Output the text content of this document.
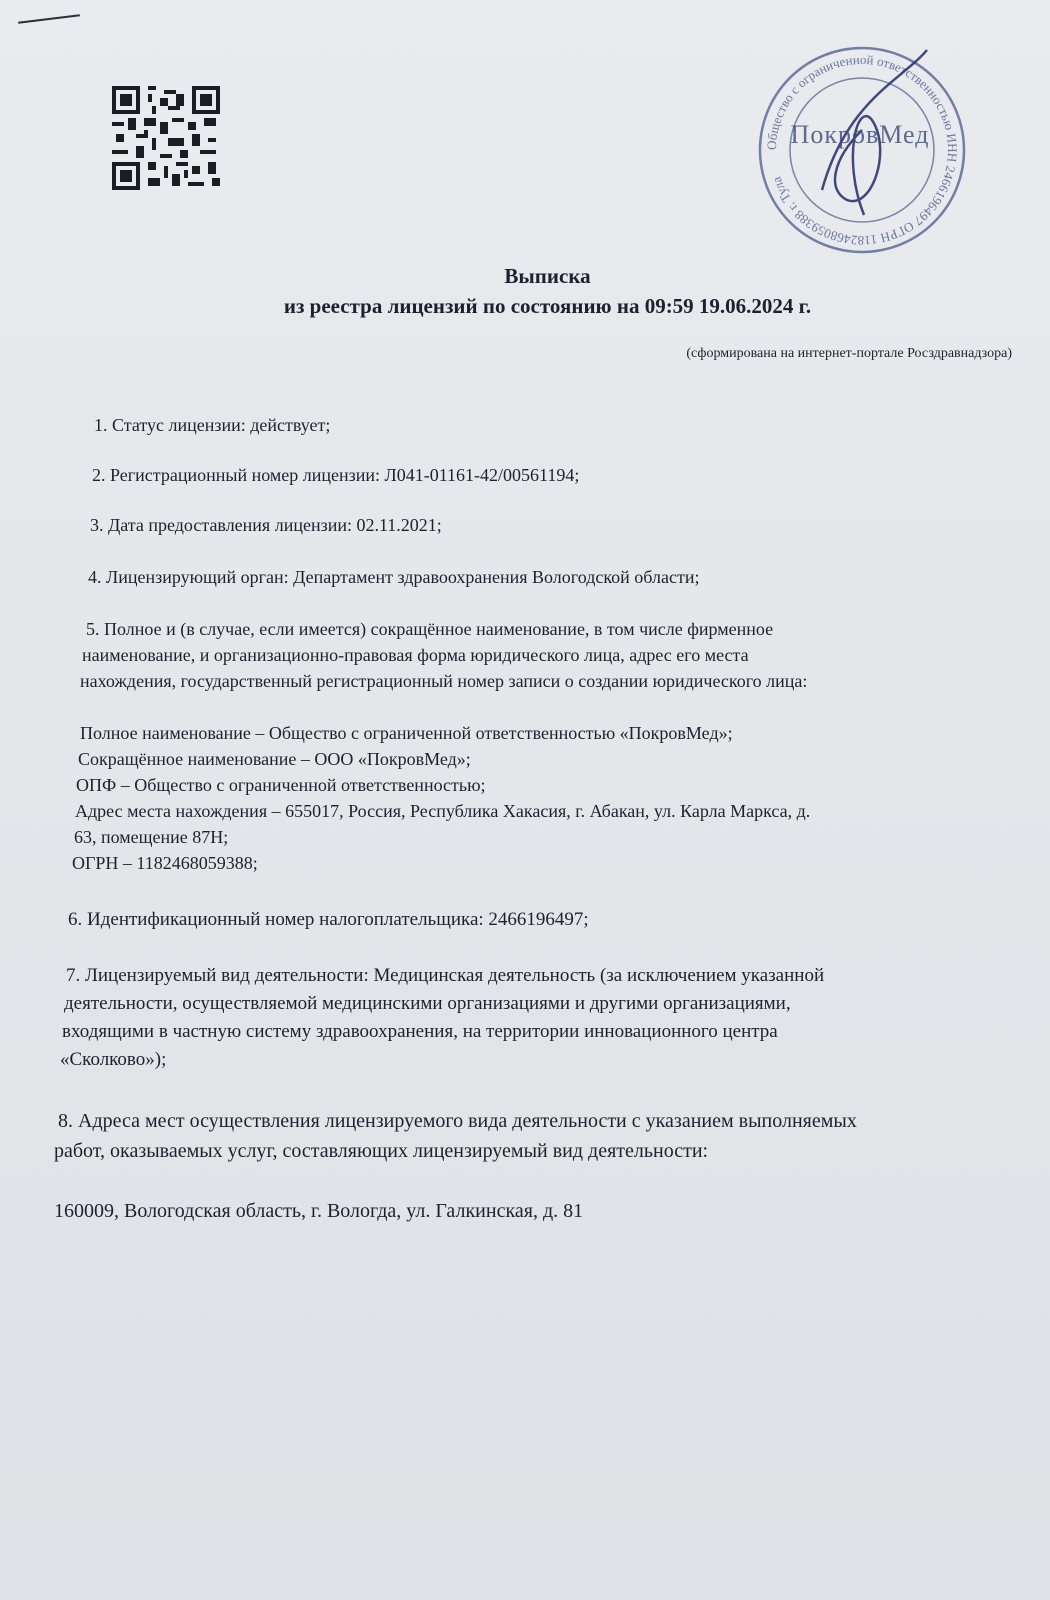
Общество с ограниченной ответственностью ИНН 2466196497 ОГРН 1182468059388 г. Тула
ПокровМед
Выписка
из реестра лицензий по состоянию на 09:59 19.06.2024 г.
(сформирована на интернет-портале Росздравнадзора)
1. Статус лицензии: действует;
2. Регистрационный номер лицензии: Л041-01161-42/00561194;
3. Дата предоставления лицензии: 02.11.2021;
4. Лицензирующий орган: Департамент здравоохранения Вологодской области;
5. Полное и (в случае, если имеется) сокращённое наименование, в том числе фирменное
наименование, и организационно-правовая форма юридического лица, адрес его места
нахождения, государственный регистрационный номер записи о создании юридического лица:
Полное наименование – Общество с ограниченной ответственностью «ПокровМед»;
Сокращённое наименование – ООО «ПокровМед»;
ОПФ – Общество с ограниченной ответственностью;
Адрес места нахождения – 655017, Россия, Республика Хакасия, г. Абакан, ул. Карла Маркса, д.
63, помещение 87Н;
ОГРН – 1182468059388;
6. Идентификационный номер налогоплательщика: 2466196497;
7. Лицензируемый вид деятельности: Медицинская деятельность (за исключением указанной
деятельности, осуществляемой медицинскими организациями и другими организациями,
входящими в частную систему здравоохранения, на территории инновационного центра
«Сколково»);
8. Адреса мест осуществления лицензируемого вида деятельности с указанием выполняемых
работ, оказываемых услуг, составляющих лицензируемый вид деятельности:
160009, Вологодская область, г. Вологда, ул. Галкинская, д. 81
